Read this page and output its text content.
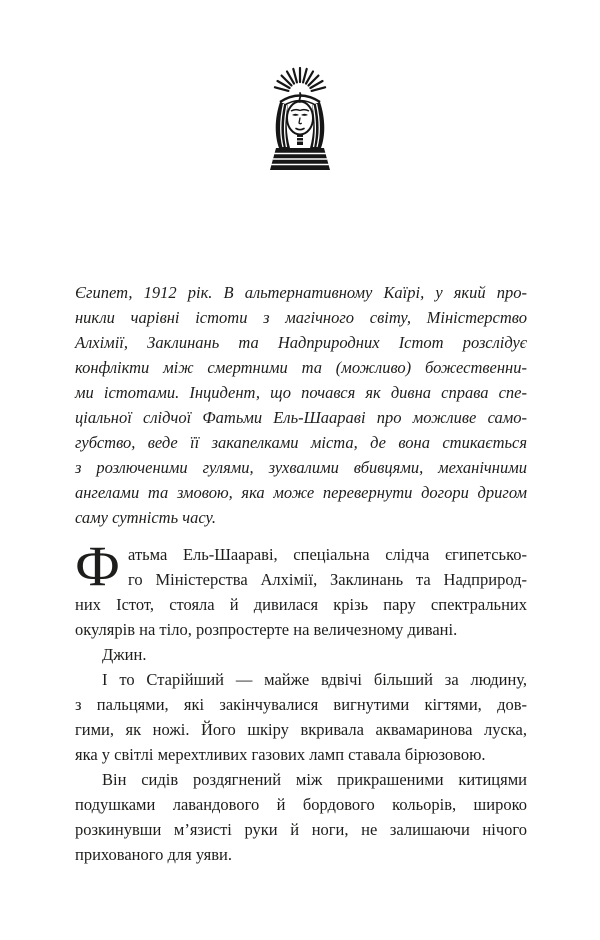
Єгипет, 1912 рік. В альтернативному Каїрі, у який про-
никли чарівні істоти з магічного світу, Міністерство
Алхімії, Заклинань та Надприродних Істот розслідує
конфлікти між смертними та (можливо) божественни-
ми істотами. Інцидент, що почався як дивна справа спе-
ціальної слідчої Фатьми Ель-Шаараві про можливе само-
губство, веде її закапелками міста, де вона стикається
з розлюченими гулями, зухвалими вбивцями, механічними
ангелами та змовою, яка може перевернути догори дригом
саму сутність часу.
Ф атьма Ель-Шаараві, спеціальна слідча єгипетсько-
го Міністерства Алхімії, Заклинань та Надприрод-
них Істот, стояла й дивилася крізь пару спектральних
окулярів на тіло, розпростерте на величезному дивані.
Джин.
І то Старійший — майже вдвічі більший за людину,
з пальцями, які закінчувалися вигнутими кігтями, дов-
гими, як ножі. Його шкіру вкривала аквамаринова луска,
яка у світлі мерехтливих газових ламп ставала бірюзовою.
Він сидів роздягнений між прикрашеними китицями
подушками лавандового й бордового кольорів, широко
розкинувши м’язисті руки й ноги, не залишаючи нічого
прихованого для уяви.
